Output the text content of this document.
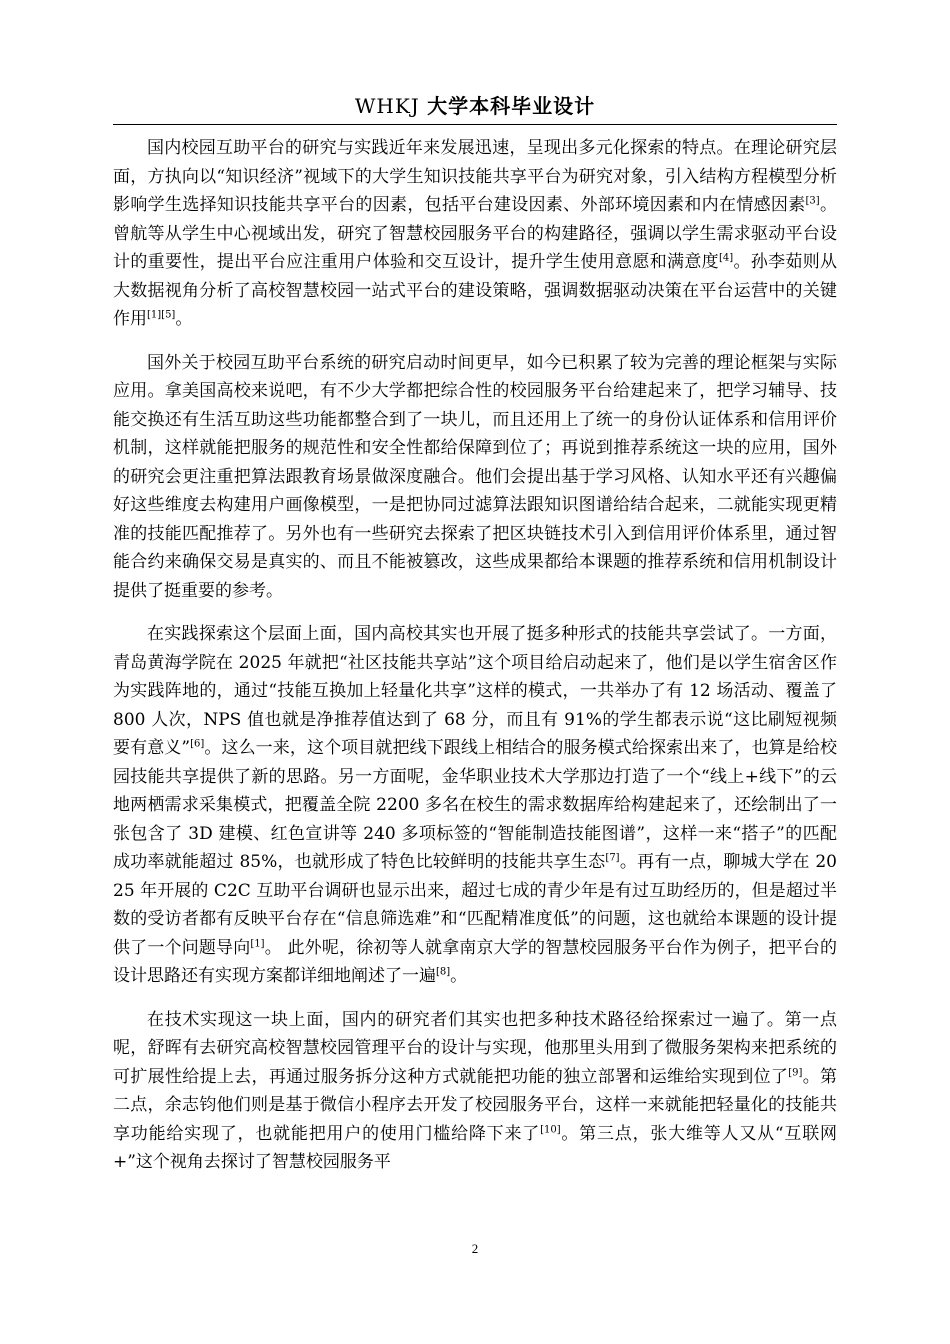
WHKJ 大学本科毕业设计

国内校园互助平台的研究与实践近年来发展迅速，呈现出多元化探索的特点。在理论研究层面，方执向以“知识经济”视域下的大学生知识技能共享平台为研究对象，引入结构方程模型分析影响学生选择知识技能共享平台的因素，包括平台建设因素、外部环境因素和内在情感因素[3]。曾航等从学生中心视域出发，研究了智慧校园服务平台的构建路径，强调以学生需求驱动平台设计的重要性，提出平台应注重用户体验和交互设计，提升学生使用意愿和满意度[4]。孙李茹则从大数据视角分析了高校智慧校园一站式平台的建设策略，强调数据驱动决策在平台运营中的关键作用[1][5]。

国外关于校园互助平台系统的研究启动时间更早，如今已积累了较为完善的理论框架与实际应用。拿美国高校来说吧，有不少大学都把综合性的校园服务平台给建起来了，把学习辅导、技能交换还有生活互助这些功能都整合到了一块儿，而且还用上了统一的身份认证体系和信用评价机制，这样就能把服务的规范性和安全性都给保障到位了；再说到推荐系统这一块的应用，国外的研究会更注重把算法跟教育场景做深度融合。他们会提出基于学习风格、认知水平还有兴趣偏好这些维度去构建用户画像模型，一是把协同过滤算法跟知识图谱给结合起来，二就能实现更精准的技能匹配推荐了。另外也有一些研究去探索了把区块链技术引入到信用评价体系里，通过智能合约来确保交易是真实的、而且不能被篡改，这些成果都给本课题的推荐系统和信用机制设计提供了挺重要的参考。

在实践探索这个层面上面，国内高校其实也开展了挺多种形式的技能共享尝试了。一方面，青岛黄海学院在 2025 年就把“社区技能共享站”这个项目给启动起来了，他们是以学生宿舍区作为实践阵地的，通过“技能互换加上轻量化共享”这样的模式，一共举办了有 12 场活动、覆盖了 800 人次，NPS 值也就是净推荐值达到了 68 分，而且有 91%的学生都表示说“这比刷短视频要有意义”[6]。这么一来，这个项目就把线下跟线上相结合的服务模式给探索出来了，也算是给校园技能共享提供了新的思路。另一方面呢，金华职业技术大学那边打造了一个“线上+线下”的云地两栖需求采集模式，把覆盖全院 2200 多名在校生的需求数据库给构建起来了，还绘制出了一张包含了 3D 建模、红色宣讲等 240 多项标签的“智能制造技能图谱”，这样一来“搭子”的匹配成功率就能超过 85%，也就形成了特色比较鲜明的技能共享生态[7]。再有一点，聊城大学在 2025 年开展的 C2C 互助平台调研也显示出来，超过七成的青少年是有过互助经历的，但是超过半数的受访者都有反映平台存在“信息筛选难”和“匹配精准度低”的问题，这也就给本课题的设计提供了一个问题导向[1]。 此外呢，徐初等人就拿南京大学的智慧校园服务平台作为例子，把平台的设计思路还有实现方案都详细地阐述了一遍[8]。

在技术实现这一块上面，国内的研究者们其实也把多种技术路径给探索过一遍了。第一点呢，舒晖有去研究高校智慧校园管理平台的设计与实现，他那里头用到了微服务架构来把系统的可扩展性给提上去，再通过服务拆分这种方式就能把功能的独立部署和运维给实现到位了[9]。第二点，余志钧他们则是基于微信小程序去开发了校园服务平台，这样一来就能把轻量化的技能共享功能给实现了，也就能把用户的使用门槛给降下来了[10]。第三点，张大维等人又从“互联网+”这个视角去探讨了智慧校园服务平

2
